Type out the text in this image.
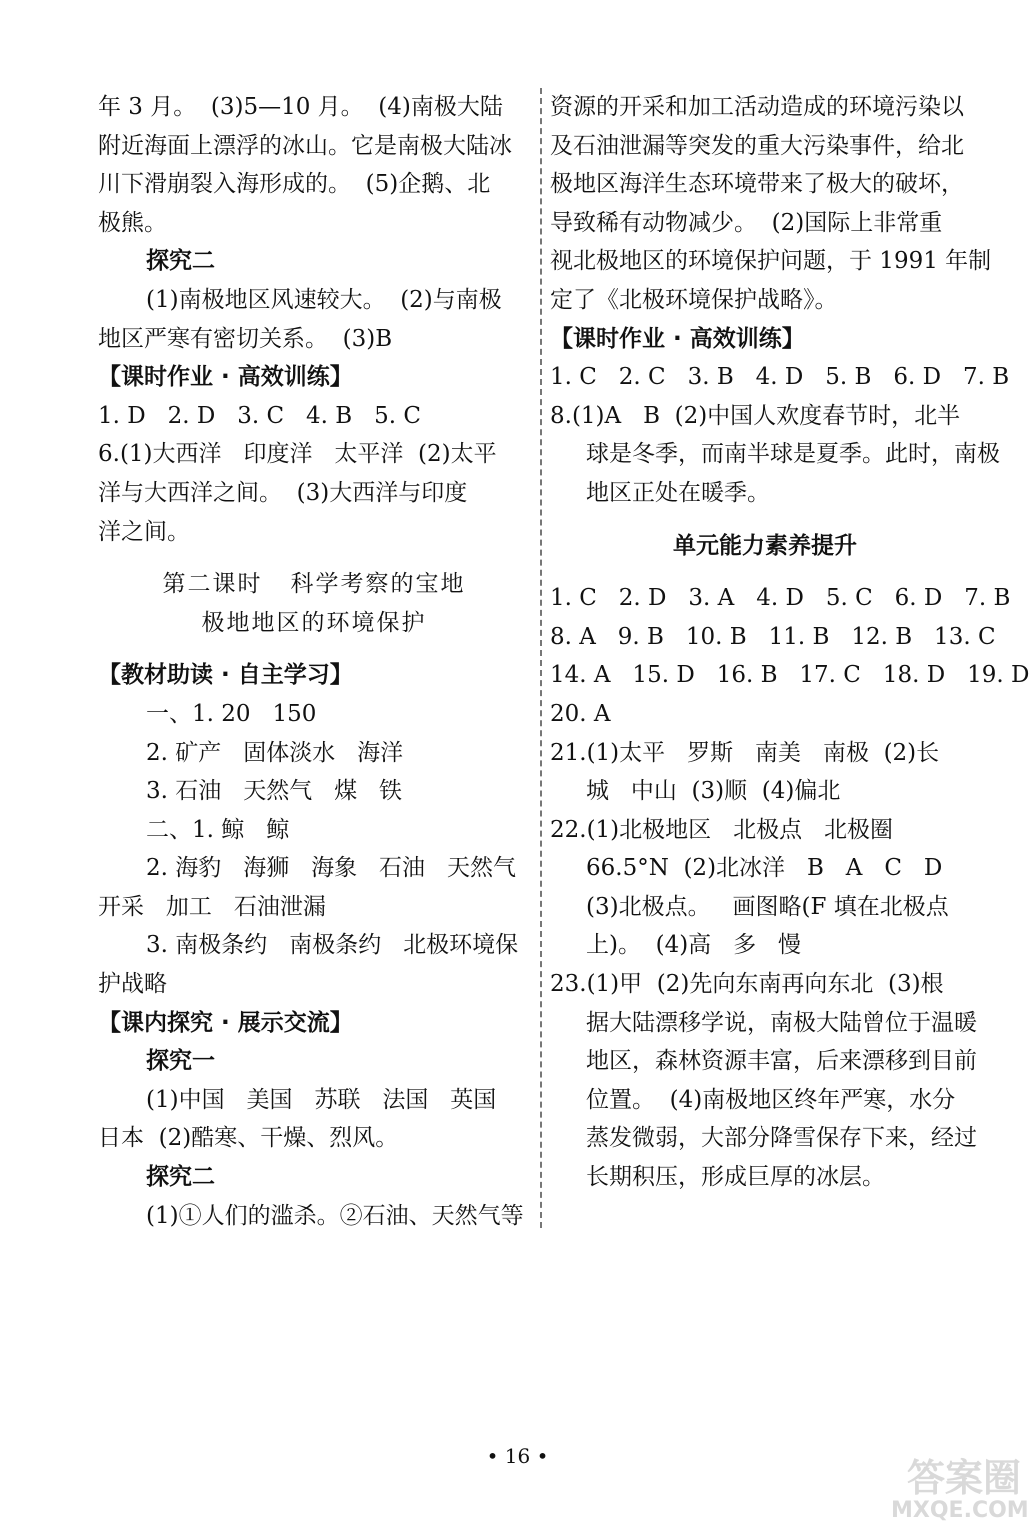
年 3 月。  (3)5—10 月。  (4)南极大陆
附近海面上漂浮的冰山。它是南极大陆冰
川下滑崩裂入海形成的。  (5)企鹅、北
极熊。
探究二
(1)南极地区风速较大。  (2)与南极
地区严寒有密切关系。  (3)B
【课时作业 · 高效训练】
1. D   2. D   3. C   4. B   5. C
6.(1)大西洋   印度洋   太平洋  (2)太平
洋与大西洋之间。  (3)大西洋与印度
洋之间。
第二课时   科学考察的宝地
极地地区的环境保护
【教材助读 · 自主学习】
一、1. 20   150
2. 矿产   固体淡水   海洋
3. 石油   天然气   煤   铁
二、1. 鲸   鲸
2. 海豹   海狮   海象   石油   天然气
开采   加工   石油泄漏
3. 南极条约   南极条约   北极环境保
护战略
【课内探究 · 展示交流】
探究一
(1)中国   美国   苏联   法国   英国
日本  (2)酷寒、干燥、烈风。
探究二
(1)①人们的滥杀。②石油、天然气等
资源的开采和加工活动造成的环境污染以
及石油泄漏等突发的重大污染事件，给北
极地区海洋生态环境带来了极大的破坏，
导致稀有动物减少。  (2)国际上非常重
视北极地区的环境保护问题，于 1991 年制
定了《北极环境保护战略》。
【课时作业 · 高效训练】
1. C   2. C   3. B   4. D   5. B   6. D   7. B
8.(1)A   B  (2)中国人欢度春节时，北半
球是冬季，而南半球是夏季。此时，南极
地区正处在暖季。
单元能力素养提升
1. C   2. D   3. A   4. D   5. C   6. D   7. B
8. A   9. B   10. B   11. B   12. B   13. C
14. A   15. D   16. B   17. C   18. D   19. D
20. A
21.(1)太平   罗斯   南美   南极  (2)长
城   中山  (3)顺  (4)偏北
22.(1)北极地区   北极点   北极圈
66.5°N  (2)北冰洋   B   A   C   D
(3)北极点。   画图略(F 填在北极点
上)。  (4)高   多   慢
23.(1)甲  (2)先向东南再向东北  (3)根
据大陆漂移学说，南极大陆曾位于温暖
地区，森林资源丰富，后来漂移到目前
位置。  (4)南极地区终年严寒，水分
蒸发微弱，大部分降雪保存下来，经过
长期积压，形成巨厚的冰层。
• 16 •	答案圈
MXQE.COM
